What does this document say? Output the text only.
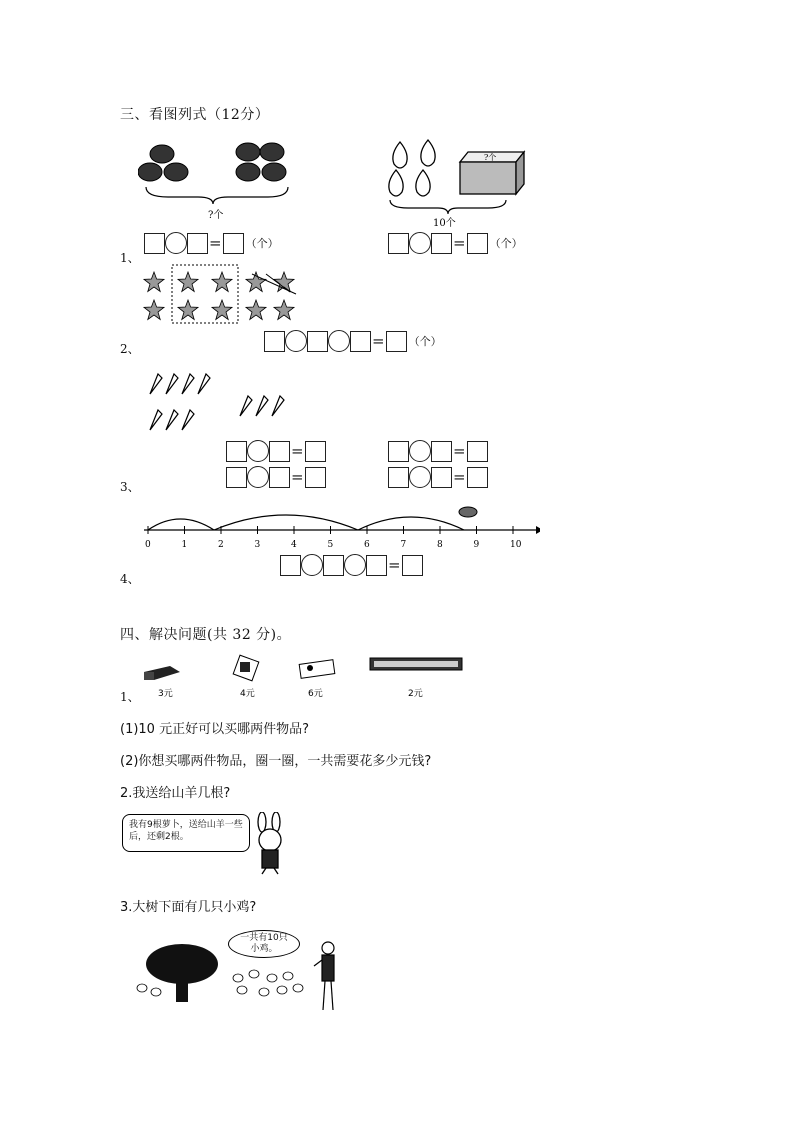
三、看图列式（12分）
?个
?个
10个
1、
= （个）	= （个）
2、	= （个）
3、
=
=
=
=
0	1	2	3	4	5	6	7	8	9	10
4、
=
四、解决问题(共 32 分)。
1、 3元	4元	6元	2元
(1)10 元正好可以买哪两件物品?
(2)你想买哪两件物品，圈一圈，一共需要花多少元钱?
2.我送给山羊几根?
我有9根萝卜，送给山羊一些后，还剩2根。
3.大树下面有几只小鸡?
一共有10只小鸡。
